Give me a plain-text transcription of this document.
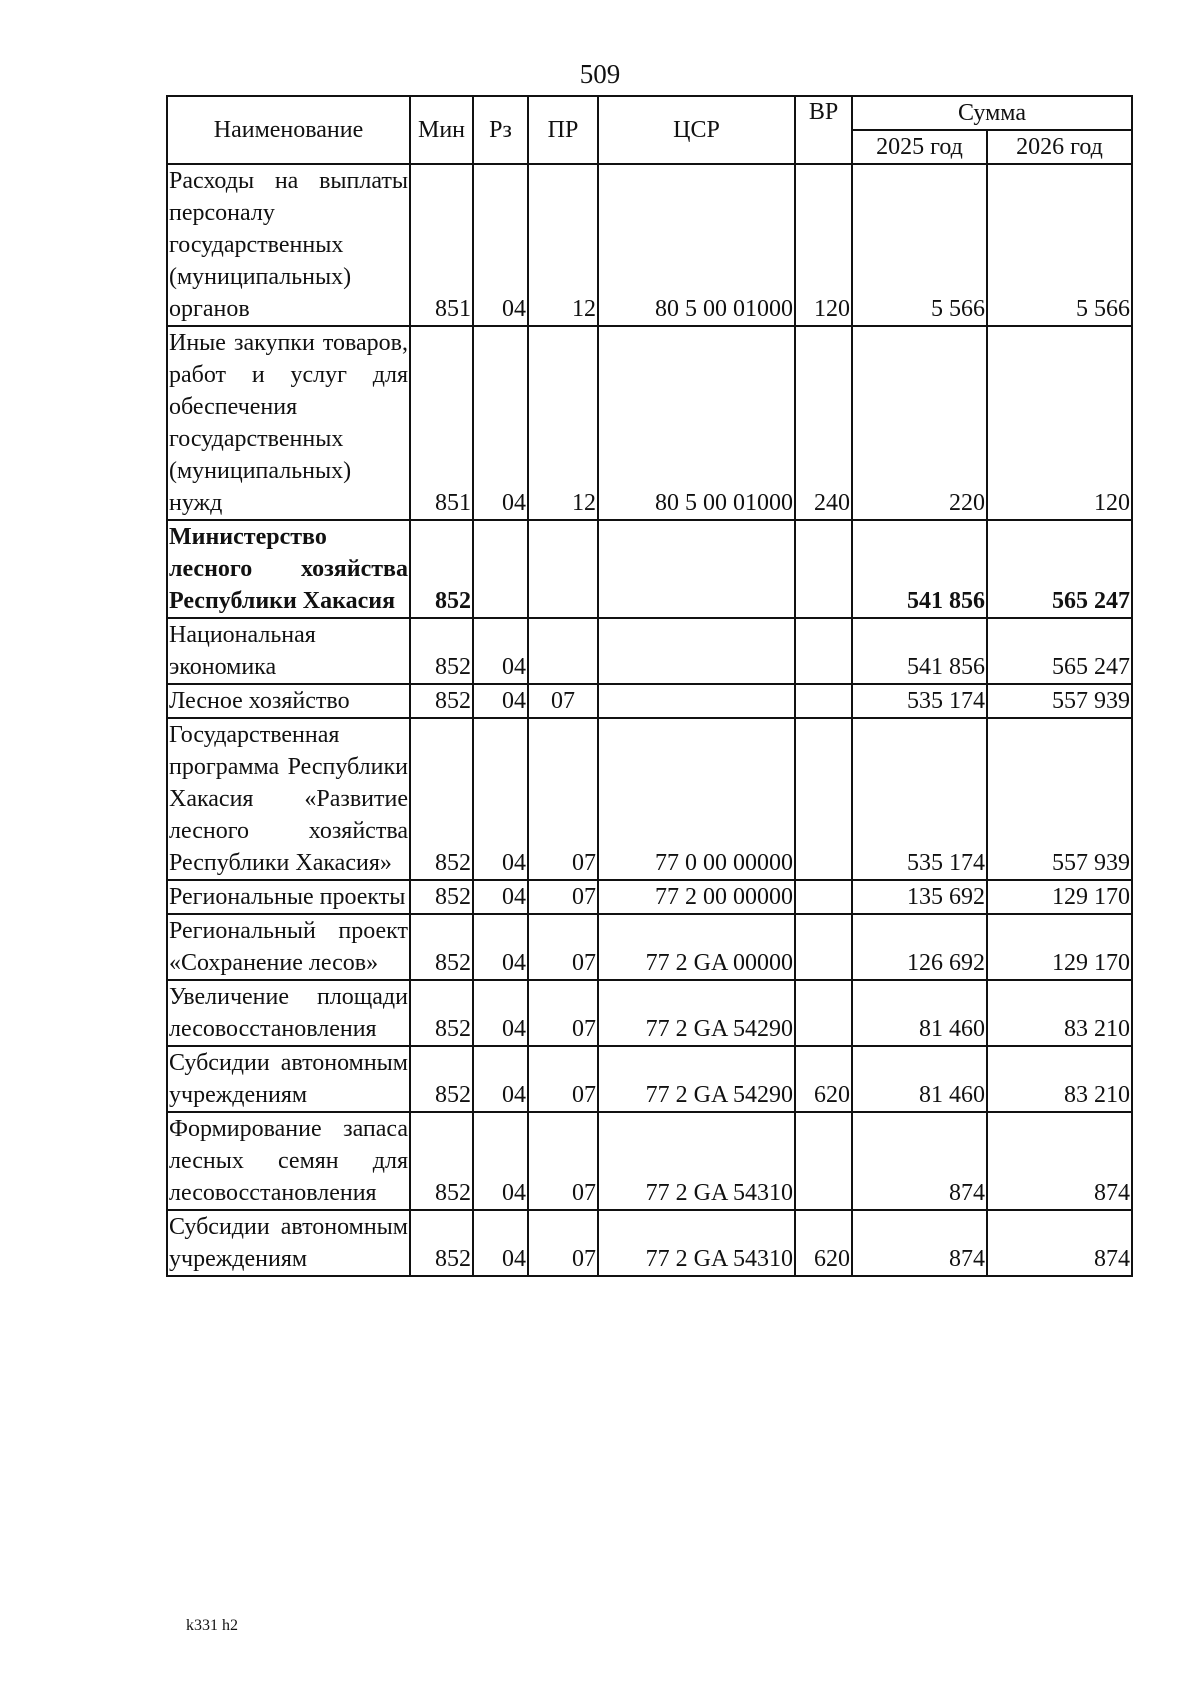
509
Наименование	Мин	Рз	ПР	ЦСР	ВР	Сумма	
						2025 год	2026 год
Расходы на выплаты персоналу государственных (муниципальных) органов	851	04	12	80 5 00 01000	120	5 566	5 566
Иные закупки товаров, работ и услуг для обеспечения государственных (муниципальных) нужд	851	04	12	80 5 00 01000	240	220	120
Министерство лесного хозяйства Республики Хакасия	852					541 856	565 247
Национальная экономика	852	04				541 856	565 247
Лесное хозяйство	852	04	07			535 174	557 939
Государственная программа Республики Хакасия «Развитие лесного хозяйства Республики Хакасия»	852	04	07	77 0 00 00000		535 174	557 939
Региональные проекты	852	04	07	77 2 00 00000		135 692	129 170
Региональный проект «Сохранение лесов»	852	04	07	77 2 GA 00000		126 692	129 170
Увеличение площади лесовосстановления	852	04	07	77 2 GA 54290		81 460	83 210
Субсидии автономным учреждениям	852	04	07	77 2 GA 54290	620	81 460	83 210
Формирование запаса лесных семян для лесовосстановления	852	04	07	77 2 GA 54310		874	874
Субсидии автономным учреждениям	852	04	07	77 2 GA 54310	620	874	874
k331 h2
